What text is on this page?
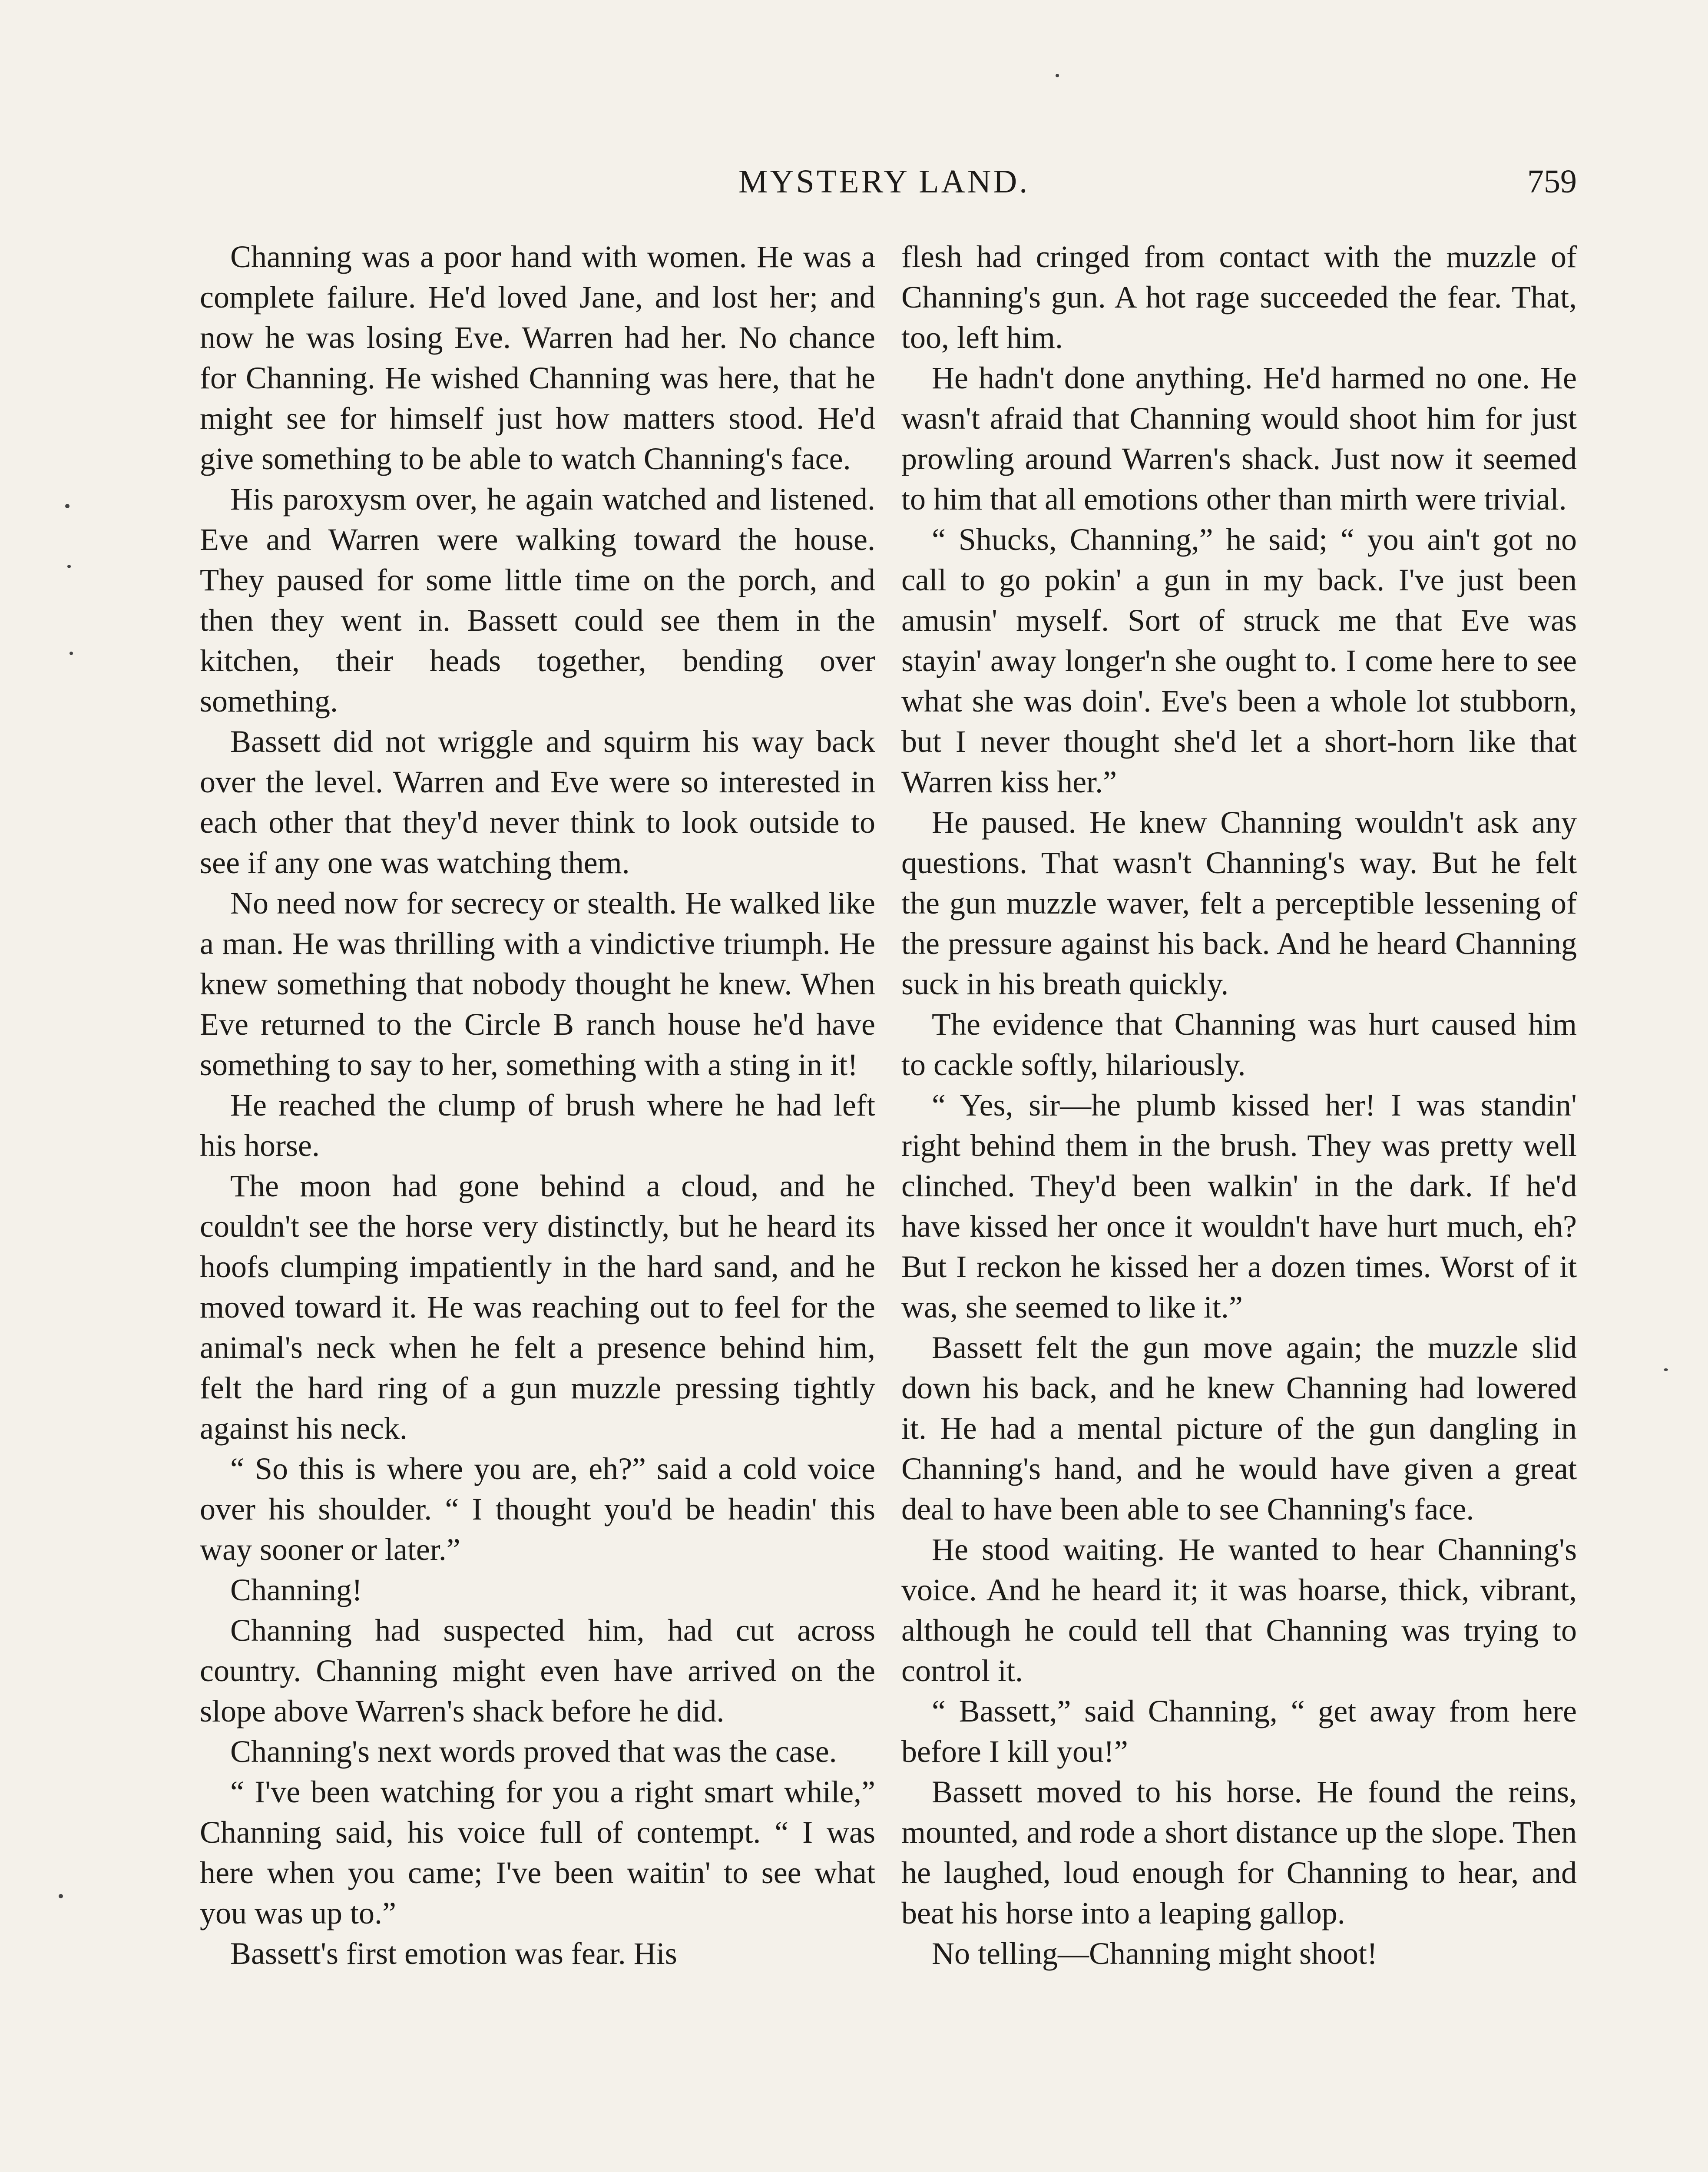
MYSTERY LAND.	759

Channing was a poor hand with women. He was a complete failure. He'd loved Jane, and lost her; and now he was losing Eve. Warren had her. No chance for Channing. He wished Channing was here, that he might see for himself just how matters stood. He'd give something to be able to watch Channing's face.

His paroxysm over, he again watched and listened. Eve and Warren were walking toward the house. They paused for some little time on the porch, and then they went in. Bassett could see them in the kitchen, their heads together, bending over something.

Bassett did not wriggle and squirm his way back over the level. Warren and Eve were so interested in each other that they'd never think to look outside to see if any one was watching them.

No need now for secrecy or stealth. He walked like a man. He was thrilling with a vindictive triumph. He knew something that nobody thought he knew. When Eve returned to the Circle B ranch house he'd have something to say to her, something with a sting in it!

He reached the clump of brush where he had left his horse.

The moon had gone behind a cloud, and he couldn't see the horse very distinctly, but he heard its hoofs clumping impatiently in the hard sand, and he moved toward it. He was reaching out to feel for the animal's neck when he felt a presence behind him, felt the hard ring of a gun muzzle pressing tightly against his neck.

“ So this is where you are, eh?” said a cold voice over his shoulder. “ I thought you'd be headin' this way sooner or later.”

Channing!

Channing had suspected him, had cut across country. Channing might even have arrived on the slope above Warren's shack before he did.

Channing's next words proved that was the case.

“ I've been watching for you a right smart while,” Channing said, his voice full of contempt. “ I was here when you came; I've been waitin' to see what you was up to.”

Bassett's first emotion was fear. His

flesh had cringed from contact with the muzzle of Channing's gun. A hot rage succeeded the fear. That, too, left him.

He hadn't done anything. He'd harmed no one. He wasn't afraid that Channing would shoot him for just prowling around Warren's shack. Just now it seemed to him that all emotions other than mirth were trivial.

“ Shucks, Channing,” he said; “ you ain't got no call to go pokin' a gun in my back. I've just been amusin' myself. Sort of struck me that Eve was stayin' away longer'n she ought to. I come here to see what she was doin'. Eve's been a whole lot stubborn, but I never thought she'd let a short-horn like that Warren kiss her.”

He paused. He knew Channing wouldn't ask any questions. That wasn't Channing's way. But he felt the gun muzzle waver, felt a perceptible lessening of the pressure against his back. And he heard Channing suck in his breath quickly.

The evidence that Channing was hurt caused him to cackle softly, hilariously.

“ Yes, sir—he plumb kissed her! I was standin' right behind them in the brush. They was pretty well clinched. They'd been walkin' in the dark. If he'd have kissed her once it wouldn't have hurt much, eh? But I reckon he kissed her a dozen times. Worst of it was, she seemed to like it.”

Bassett felt the gun move again; the muzzle slid down his back, and he knew Channing had lowered it. He had a mental picture of the gun dangling in Channing's hand, and he would have given a great deal to have been able to see Channing's face.

He stood waiting. He wanted to hear Channing's voice. And he heard it; it was hoarse, thick, vibrant, although he could tell that Channing was trying to control it.

“ Bassett,” said Channing, “ get away from here before I kill you!”

Bassett moved to his horse. He found the reins, mounted, and rode a short distance up the slope. Then he laughed, loud enough for Channing to hear, and beat his horse into a leaping gallop.

No telling—Channing might shoot!
